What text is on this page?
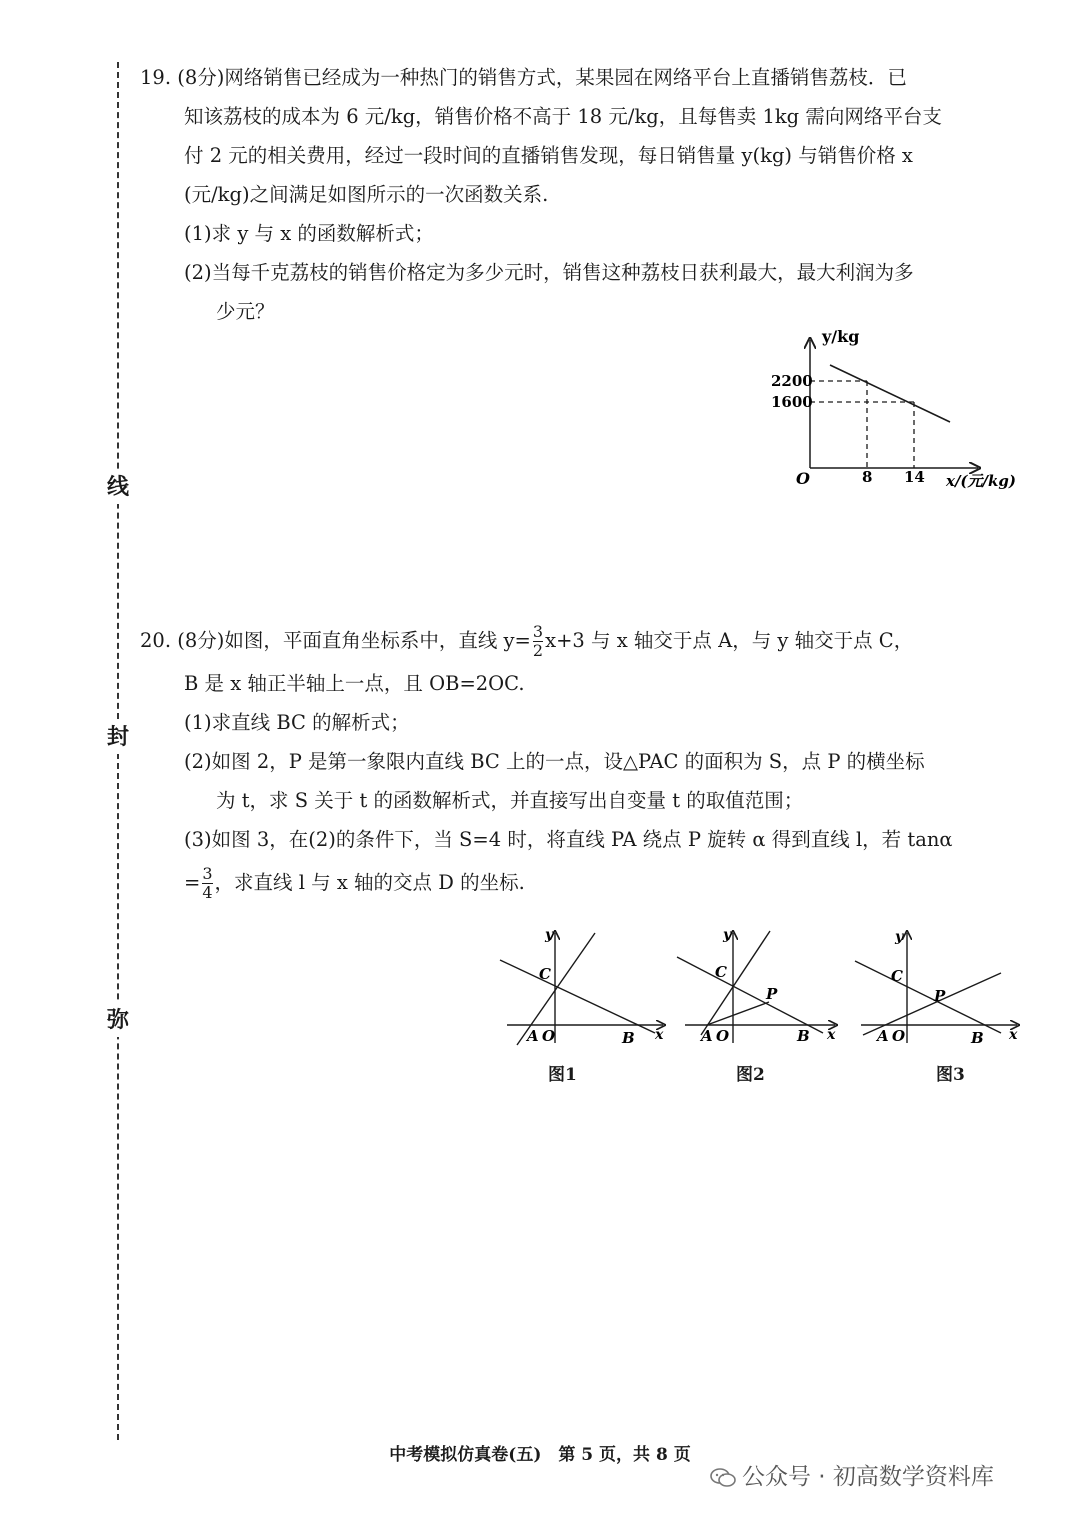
线
封
弥

19. (8分)网络销售已经成为一种热门的销售方式，某果园在网络平台上直播销售荔枝．已

知该荔枝的成本为 6 元/kg，销售价格不高于 18 元/kg，且每售卖 1kg 需向网络平台支

付 2 元的相关费用，经过一段时间的直播销售发现，每日销售量 y(kg) 与销售价格 x

(元/kg)之间满足如图所示的一次函数关系.

(1)求 y 与 x 的函数解析式；

(2)当每千克荔枝的销售价格定为多少元时，销售这种荔枝日获利最大，最大利润为多

少元？

y/kg
2200
1600
O	8 14 x/(元/kg)

20. (8分)如图，平面直角坐标系中，直线 $y= \frac{3}{2} x+3$ 与 x 轴交于点 A，与 y 轴交于点 C，

B 是 x 轴正半轴上一点，且 OB=2OC.

(1)求直线 BC 的解析式；

(2)如图 2，P 是第一象限内直线 BC 上的一点，设△PAC 的面积为 S，点 P 的横坐标

为 t，求 S 关于 t 的函数解析式，并直接写出自变量 t 的取值范围；

(3)如图 3，在(2)的条件下，当 S=4 时，将直线 PA 绕点 P 旋转 α 得到直线 l，若 tanα

= $\frac{3}{4}$ ，求直线 l 与 x 轴的交点 D 的坐标.

y
x
C
A O	B
y
x
C
A O
P
B
y
x
C
A O
P
B
图1	图2	图3
中考模拟仿真卷(五)　第 5 页，共 8 页
公众号 · 初高数学资料库
